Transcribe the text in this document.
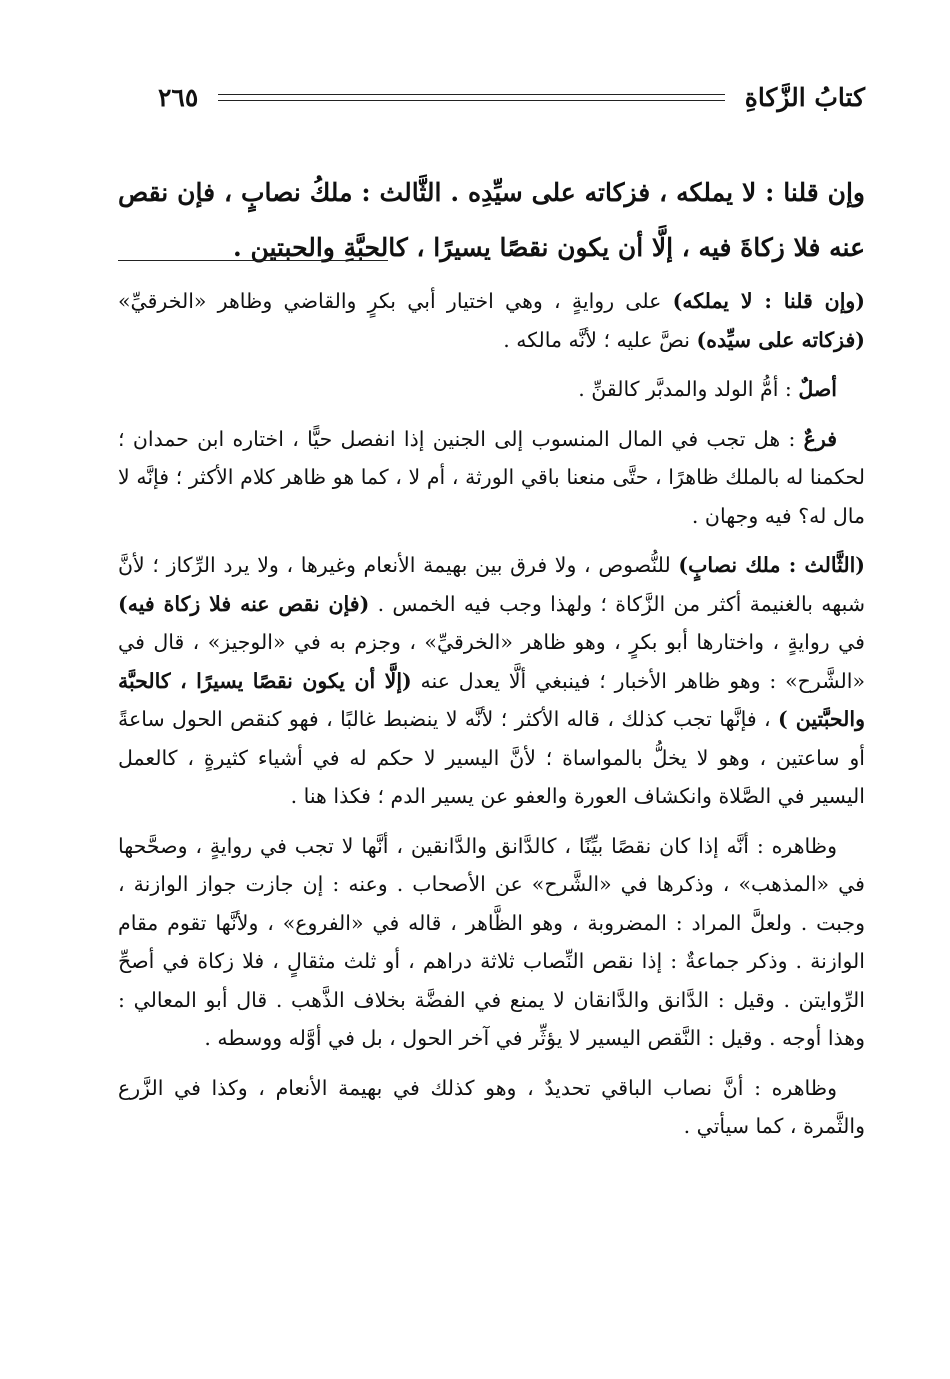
كتابُ الزَّكاةِ
٢٦٥
وإن قلنا : لا يملكه ، فزكاته على سيِّدِه . الثَّالث : ملكُ نصابٍ ، فإن نقص عنه فلا زكاةَ فيه ، إلَّا أن يكون نقصًا يسيرًا ، كالحبَّةِ والحبتين .

(وإن قلنا : لا يملكه) على روايةٍ ، وهي اختيار أبي بكرٍ والقاضي وظاهر «الخرقيِّ» (فزكاته على سيِّده) نصَّ عليه ؛ لأنَّه مالكه .

أصلٌ : أمُّ الولد والمدبَّر كالقنِّ .

فرعٌ : هل تجب في المال المنسوب إلى الجنين إذا انفصل حيًّا ، اختاره ابن حمدان ؛ لحكمنا له بالملك ظاهرًا ، حتَّى منعنا باقي الورثة ، أم لا ، كما هو ظاهر كلام الأكثر ؛ فإنَّه لا مال له؟ فيه وجهان .

(الثَّالث : ملك نصابٍ) للنُّصوص ، ولا فرق بين بهيمة الأنعام وغيرها ، ولا يرد الرِّكاز ؛ لأنَّ شبهه بالغنيمة أكثر من الزَّكاة ؛ ولهذا وجب فيه الخمس . (فإن نقص عنه فلا زكاة فيه) في روايةٍ ، واختارها أبو بكرٍ ، وهو ظاهر «الخرقيِّ» ، وجزم به في «الوجيز» ، قال في «الشَّرح» : وهو ظاهر الأخبار ؛ فينبغي ألَّا يعدل عنه (إلَّا أن يكون نقصًا يسيرًا ، كالحبَّة والحبَّتين ) ، فإنَّها تجب كذلك ، قاله الأكثر ؛ لأنَّه لا ينضبط غالبًا ، فهو كنقص الحول ساعةً أو ساعتين ، وهو لا يخلُّ بالمواساة ؛ لأنَّ اليسير لا حكم له في أشياء كثيرةٍ ، كالعمل اليسير في الصَّلاة وانكشاف العورة والعفو عن يسير الدم ؛ فكذا هنا .

وظاهره : أنَّه إذا كان نقصًا بيِّنًا ، كالدَّانق والدَّانقين ، أنَّها لا تجب في روايةٍ ، وصحَّحها في «المذهب» ، وذكرها في «الشَّرح» عن الأصحاب . وعنه : إن جازت جواز الوازنة ، وجبت . ولعلَّ المراد : المضروبة ، وهو الظَّاهر ، قاله في «الفروع» ، ولأنَّها تقوم مقام الوازنة . وذكر جماعةٌ : إذا نقص النِّصاب ثلاثة دراهم ، أو ثلث مثقالٍ ، فلا زكاة في أصحِّ الرِّوايتن . وقيل : الدَّانق والدَّانقان لا يمنع في الفضَّة بخلاف الذَّهب . قال أبو المعالي : وهذا أوجه . وقيل : النَّقص اليسير لا يؤثِّر في آخر الحول ، بل في أوَّله ووسطه .

وظاهره : أنَّ نصاب الباقي تحديدٌ ، وهو كذلك في بهيمة الأنعام ، وكذا في الزَّرع والثَّمرة ، كما سيأتي .
